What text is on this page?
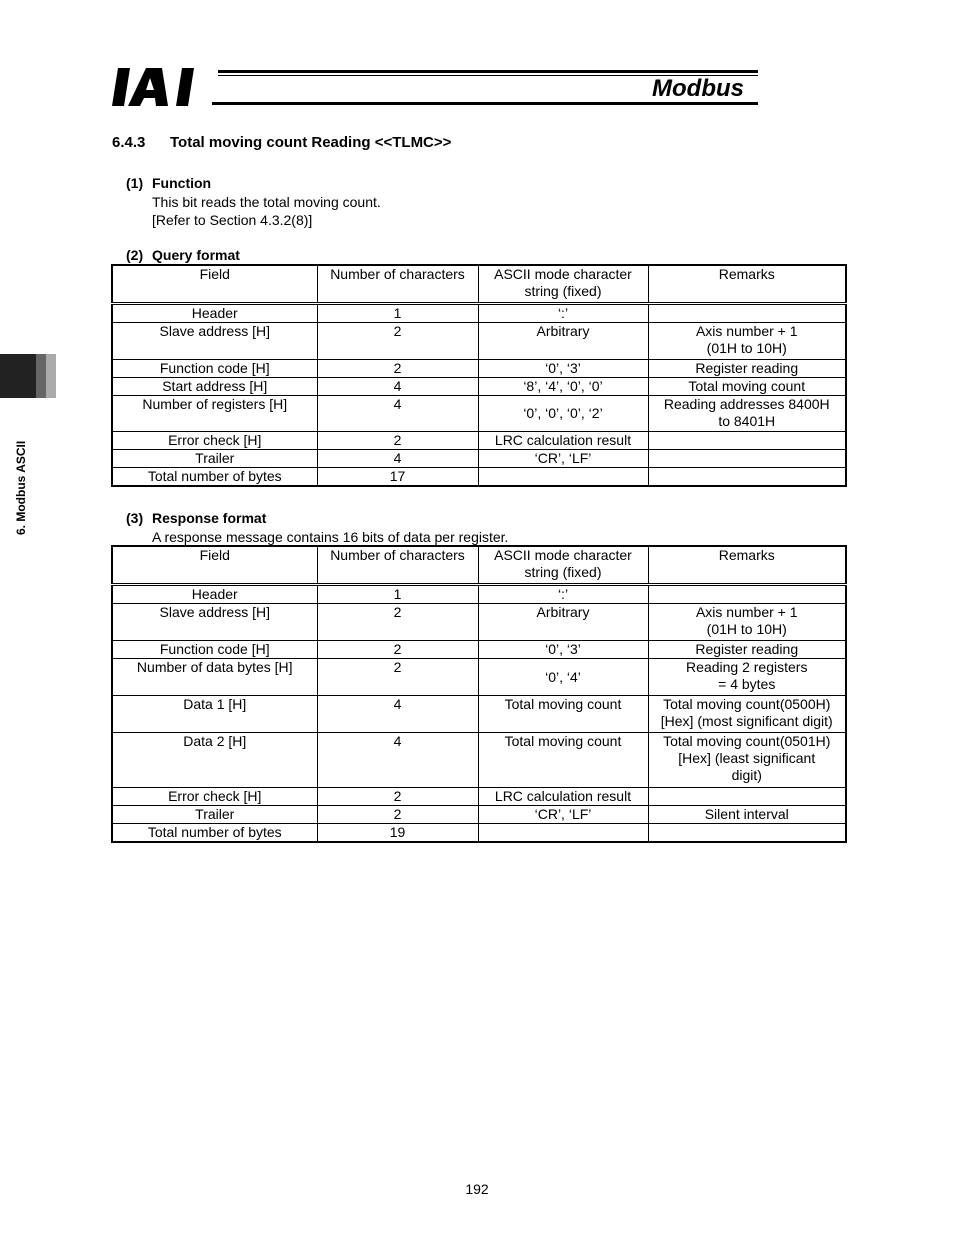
Modbus
6. Modbus ASCII
6.4.3 Total moving count Reading <<TLMC>>
(1) Function
This bit reads the total moving count.
[Refer to Section 4.3.2(8)]
(2) Query format
Field	Number of characters	ASCII mode character
string (fixed)	Remarks
Header	1	‘:’	
Slave address [H]	2	Arbitrary	Axis number + 1
(01H to 10H)
Function code [H]	2	‘0’, ‘3’	Register reading
Start address [H]	4	‘8’, ‘4’, ‘0’, ‘0’	Total moving count
Number of registers [H]	4	‘0’, ‘0’, ‘0’, ‘2’	Reading addresses 8400H
to 8401H
Error check [H]	2	LRC calculation result	
Trailer	4	‘CR’, ‘LF’	
Total number of bytes	17		
(3) Response format
A response message contains 16 bits of data per register.
Field	Number of characters	ASCII mode character
string (fixed)	Remarks
Header	1	‘:’	
Slave address [H]	2	Arbitrary	Axis number + 1
(01H to 10H)
Function code [H]	2	‘0’, ‘3’	Register reading
Number of data bytes [H]	2	‘0’, ‘4’	Reading 2 registers
= 4 bytes
Data 1 [H]	4	Total moving count	Total moving count(0500H)
[Hex] (most significant digit)
Data 2 [H]	4	Total moving count	Total moving count(0501H)
[Hex] (least significant
digit)
Error check [H]	2	LRC calculation result	
Trailer	2	‘CR’, ‘LF’	Silent interval
Total number of bytes	19		
192
